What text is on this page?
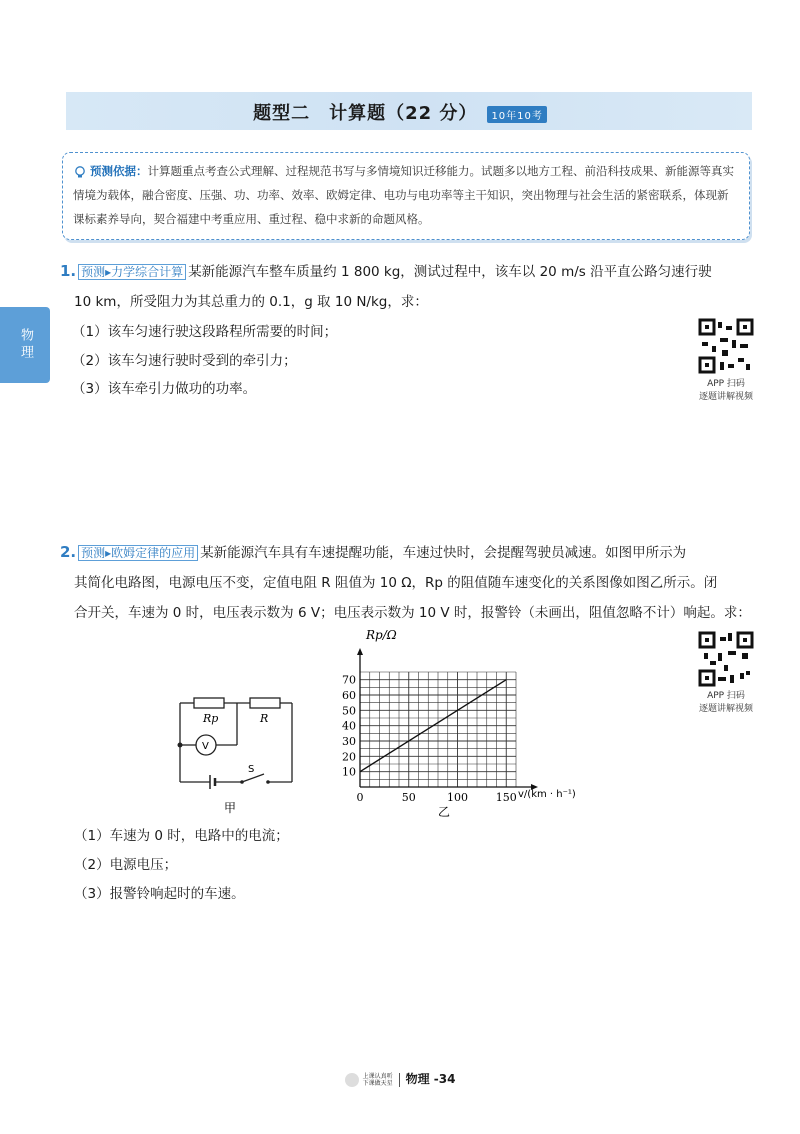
题型二　计算题（22 分） 10年10考
物理
预测依据：计算题重点考查公式理解、过程规范书写与多情境知识迁移能力。试题多以地方工程、前沿科技成果、新能源等真实情境为载体，融合密度、压强、功、功率、效率、欧姆定律、电功与电功率等主干知识，突出物理与社会生活的紧密联系，体现新课标素养导向，契合福建中考重应用、重过程、稳中求新的命题风格。
1. 预测▸力学综合计算 某新能源汽车整车质量约 1 800 kg，测试过程中，该车以 20 m/s 沿平直公路匀速行驶
10 km，所受阻力为其总重力的 0.1，g 取 10 N/kg，求：
（1）该车匀速行驶这段路程所需要的时间；
（2）该车匀速行驶时受到的牵引力；
（3）该车牵引力做功的功率。	APP 扫码
逐题讲解视频
2. 预测▸欧姆定律的应用 某新能源汽车具有车速提醒功能，车速过快时，会提醒驾驶员减速。如图甲所示为
其简化电路图，电源电压不变，定值电阻 R 阻值为 10 Ω，Rp 的阻值随车速变化的关系图像如图乙所示。闭
合开关，车速为 0 时，电压表示数为 6 V；电压表示数为 10 V 时，报警铃（未画出，阻值忽略不计）响起。求：
APP 扫码
逐题讲解视频
Rp	R
V
S
甲
0	50	100	150
10
20
30
40
50
60
70
Rp/Ω
v/(km · h⁻¹)
乙
（1）车速为 0 时，电路中的电流；
（2）电源电压；
（3）报警铃响起时的车速。
上课认真听
下课做天星 物理 -34
